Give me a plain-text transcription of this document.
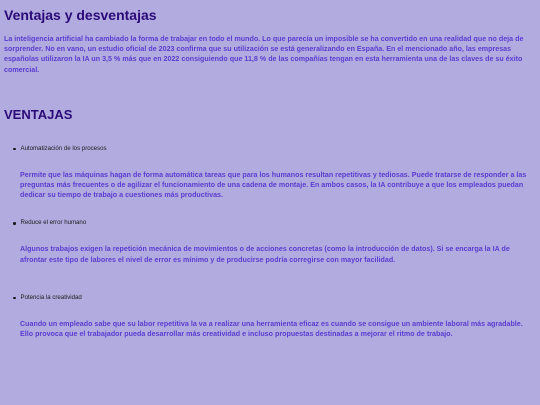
Ventajas y desventajas

La inteligencia artificial ha cambiado la forma de trabajar en todo el mundo. Lo que parecía un imposible se ha convertido en una realidad que no deja de sorprender. No en vano, un estudio oficial de 2023 confirma que su utilización se está generalizando en España. En el mencionado año, las empresas españolas utilizaron la IA un 3,5 % más que en 2022 consiguiendo que 11,8 % de las compañías tengan en esta herramienta una de las claves de su éxito comercial.

VENTAJAS
Automatización de los procesos

Permite que las máquinas hagan de forma automática tareas que para los humanos resultan repetitivas y tediosas. Puede tratarse de responder a las preguntas más frecuentes o de agilizar el funcionamiento de una cadena de montaje. En ambos casos, la IA contribuye a que los empleados puedan dedicar su tiempo de trabajo a cuestiones más productivas.

Reduce el error humano

Algunos trabajos exigen la repetición mecánica de movimientos o de acciones concretas (como la introducción de datos). Si se encarga la IA de afrontar este tipo de labores el nivel de error es mínimo y de producirse podría corregirse con mayor facilidad.

Potencia la creatividad

Cuando un empleado sabe que su labor repetitiva la va a realizar una herramienta eficaz es cuando se consigue un ambiente laboral más agradable. Ello provoca que el trabajador pueda desarrollar más creatividad e incluso propuestas destinadas a mejorar el ritmo de trabajo.
